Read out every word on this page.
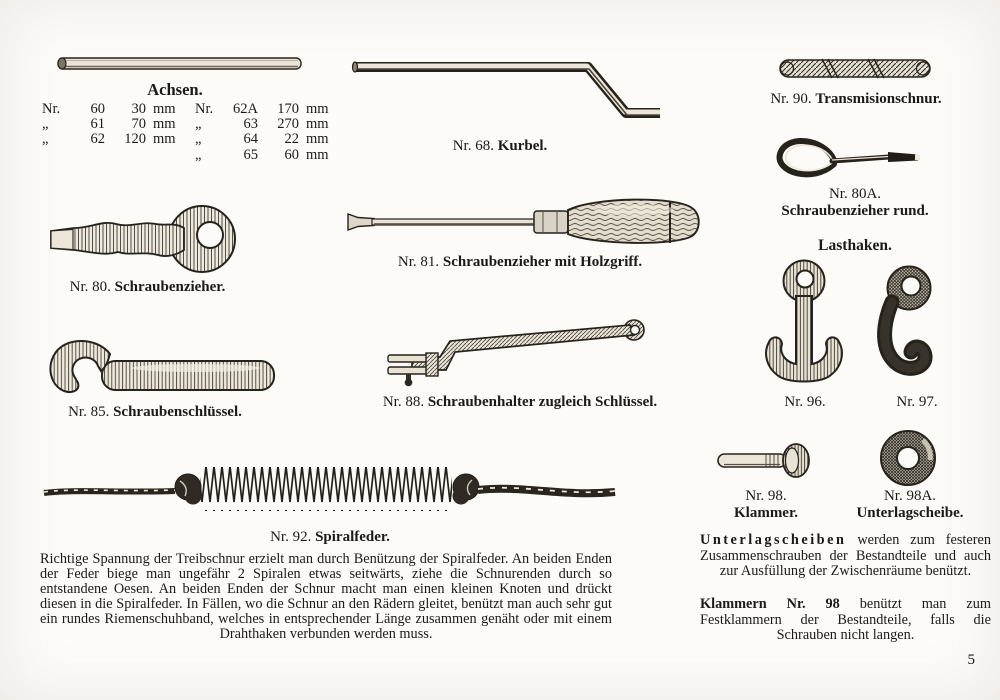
Achsen.
Nr. 60 30 mm
„	61 70 mm
„	62 120 mm
Nr. 62A 170 mm
„	63 270 mm
„	64 22 mm
„	65 60 mm
Nr. 68. Kurbel.
Nr. 90. Transmisionschnur.
Nr. 80A.
Schraubenzieher rund.
Lasthaken.
Nr. 80. Schraubenzieher.
Nr. 81. Schraubenzieher mit Holzgriff.
Nr. 85. Schraubenschlüssel.
Nr. 88. Schraubenhalter zugleich Schlüssel.	Nr. 96.	Nr. 97.
Nr. 98.
Klammer.
Nr. 98A.
Unterlagscheibe.
Nr. 92. Spiralfeder.
Richtige Spannung der Treibschnur erzielt man durch Benützung der Spiralfeder. An beiden Enden der Feder biege man ungefähr 2 Spiralen etwas seitwärts, ziehe die Schnurenden durch so entstandene Oesen. An beiden Enden der Schnur macht man einen kleinen Knoten und drückt diesen in die Spiralfeder. In Fällen, wo die Schnur an den Rädern gleitet, benützt man auch sehr gut ein rundes Riemenschuhband, welches in entsprechender Länge zusammen genäht oder mit einem Drahthaken verbunden werden muss.
Unterlagscheiben werden zum festeren Zusammenschrauben der Bestandteile und auch zur Ausfüllung der Zwischenräume benützt.
Klammern Nr. 98 benützt man zum Festklammern der Bestandteile, falls die Schrauben nicht langen.
5
